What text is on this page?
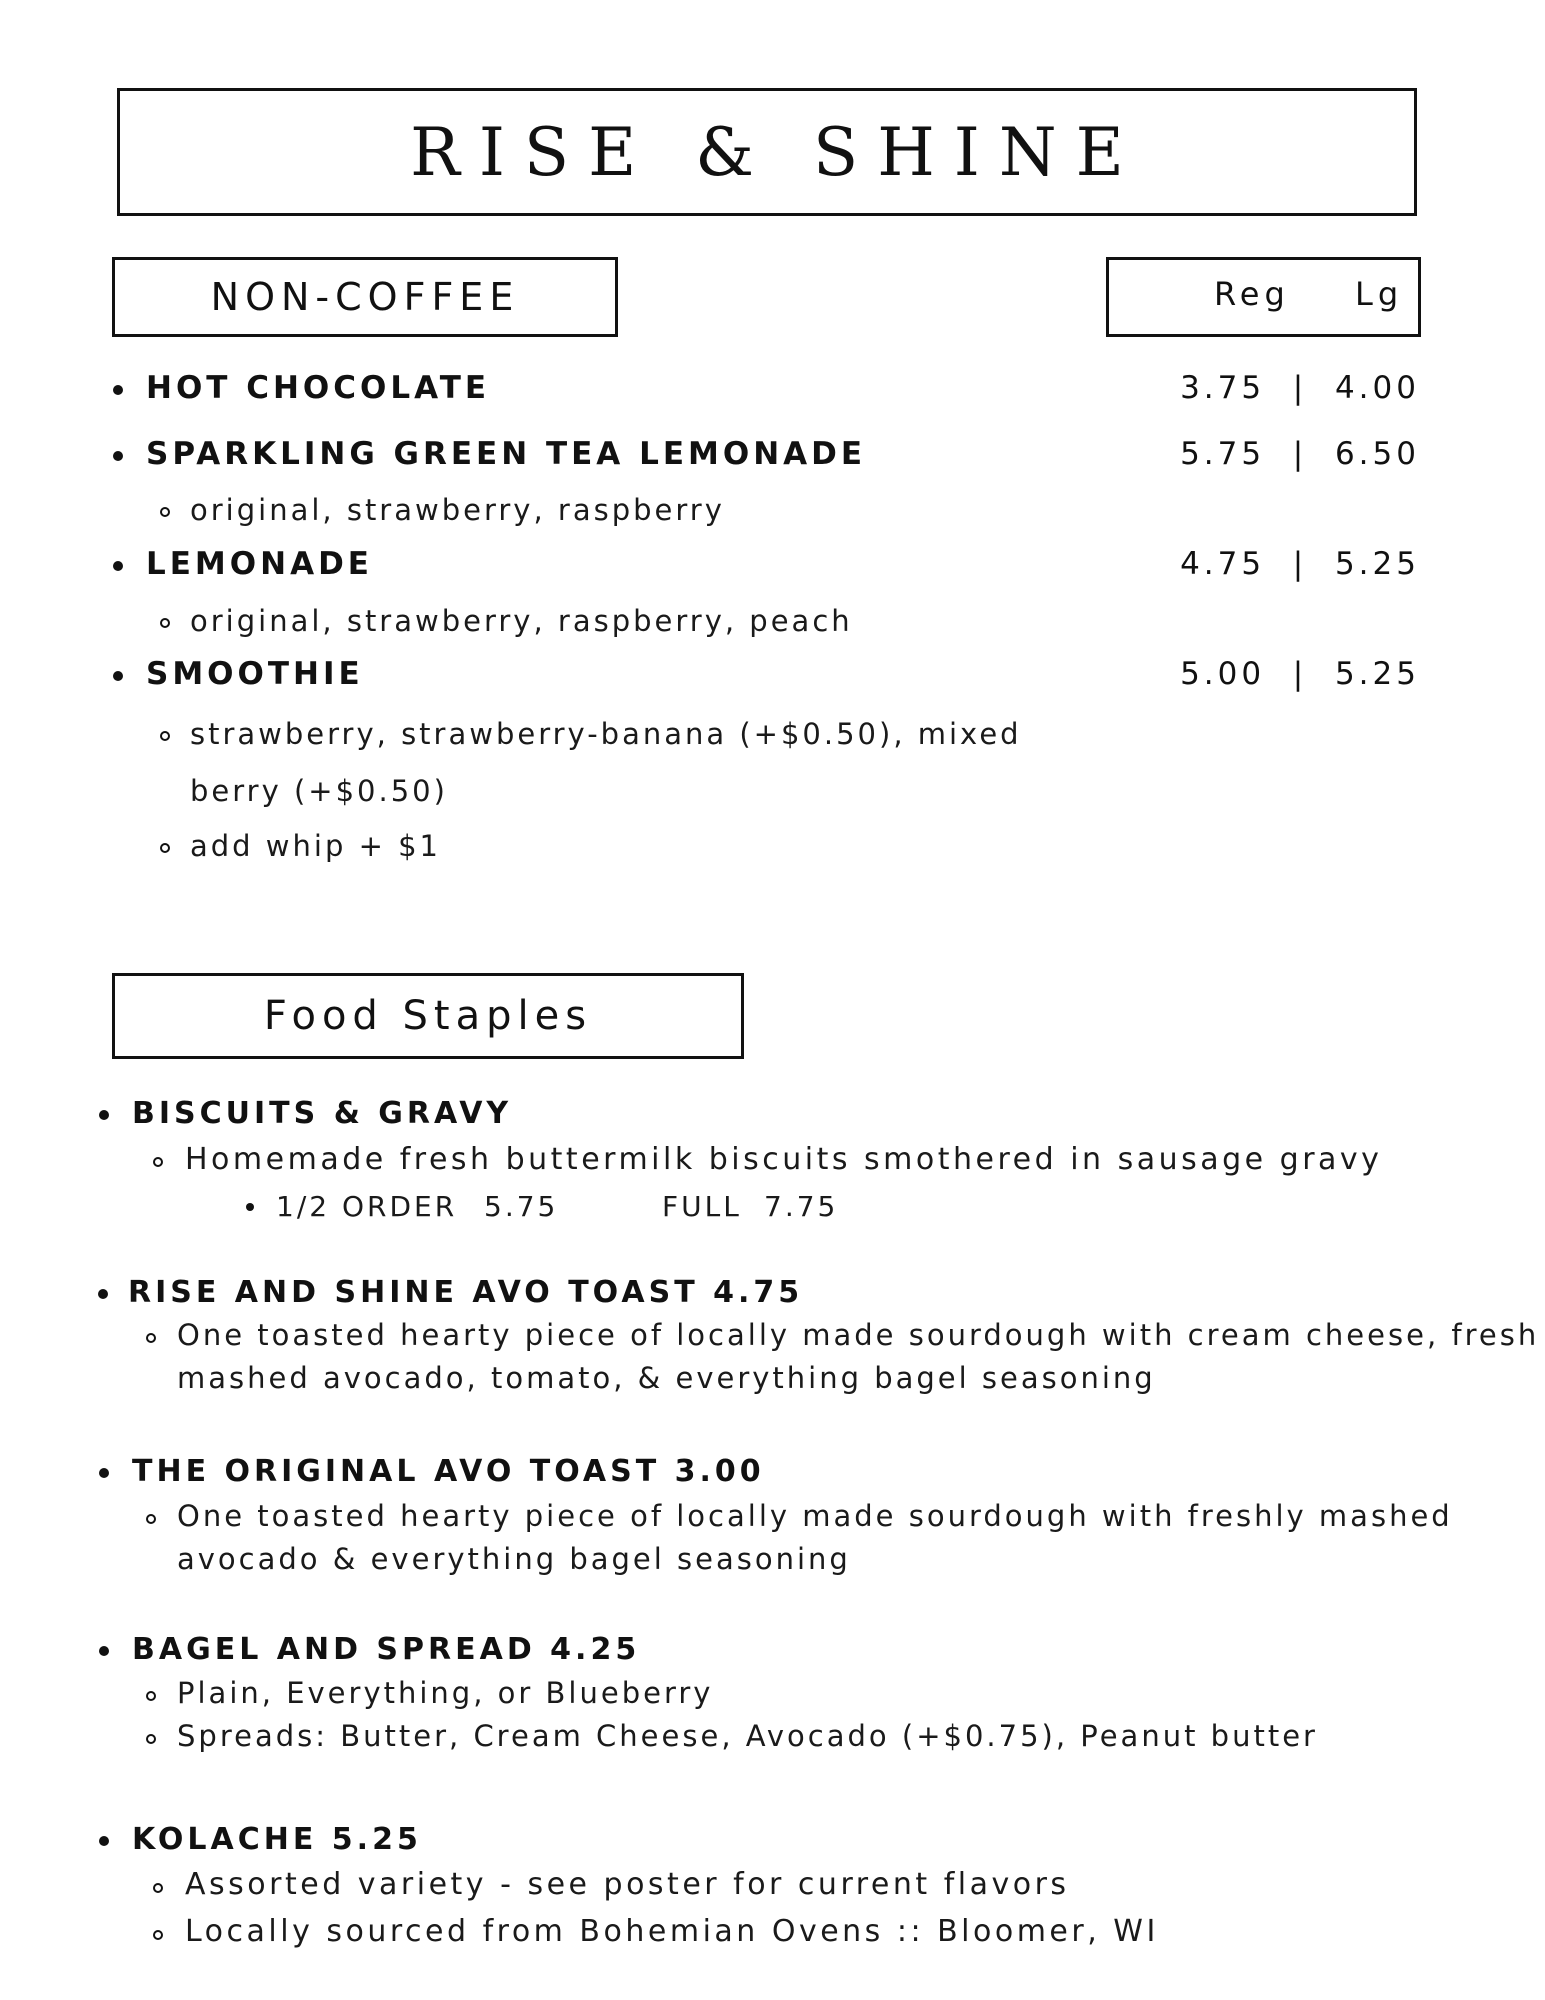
RISE & SHINE
NON-COFFEE	Reg Lg
HOT CHOCOLATE	3.75  |  4.00
SPARKLING GREEN TEA LEMONADE	5.75  |  6.50
original, strawberry, raspberry
LEMONADE	4.75  |  5.25
original, strawberry, raspberry, peach
SMOOTHIE	5.00  |  5.25
strawberry, strawberry-banana (+$0.50), mixed
berry (+$0.50)
add whip + $1
Food Staples
BISCUITS & GRAVY
Homemade fresh buttermilk biscuits smothered in sausage gravy
1/2 ORDER 5.75	FULL 7.75
RISE AND SHINE AVO TOAST 4.75
One toasted hearty piece of locally made sourdough with cream cheese, fresh
mashed avocado, tomato, & everything bagel seasoning
THE ORIGINAL AVO TOAST 3.00
One toasted hearty piece of locally made sourdough with freshly mashed
avocado & everything bagel seasoning
BAGEL AND SPREAD 4.25
Plain, Everything, or Blueberry
Spreads: Butter, Cream Cheese, Avocado (+$0.75), Peanut butter
KOLACHE 5.25
Assorted variety - see poster for current flavors
Locally sourced from Bohemian Ovens :: Bloomer, WI
